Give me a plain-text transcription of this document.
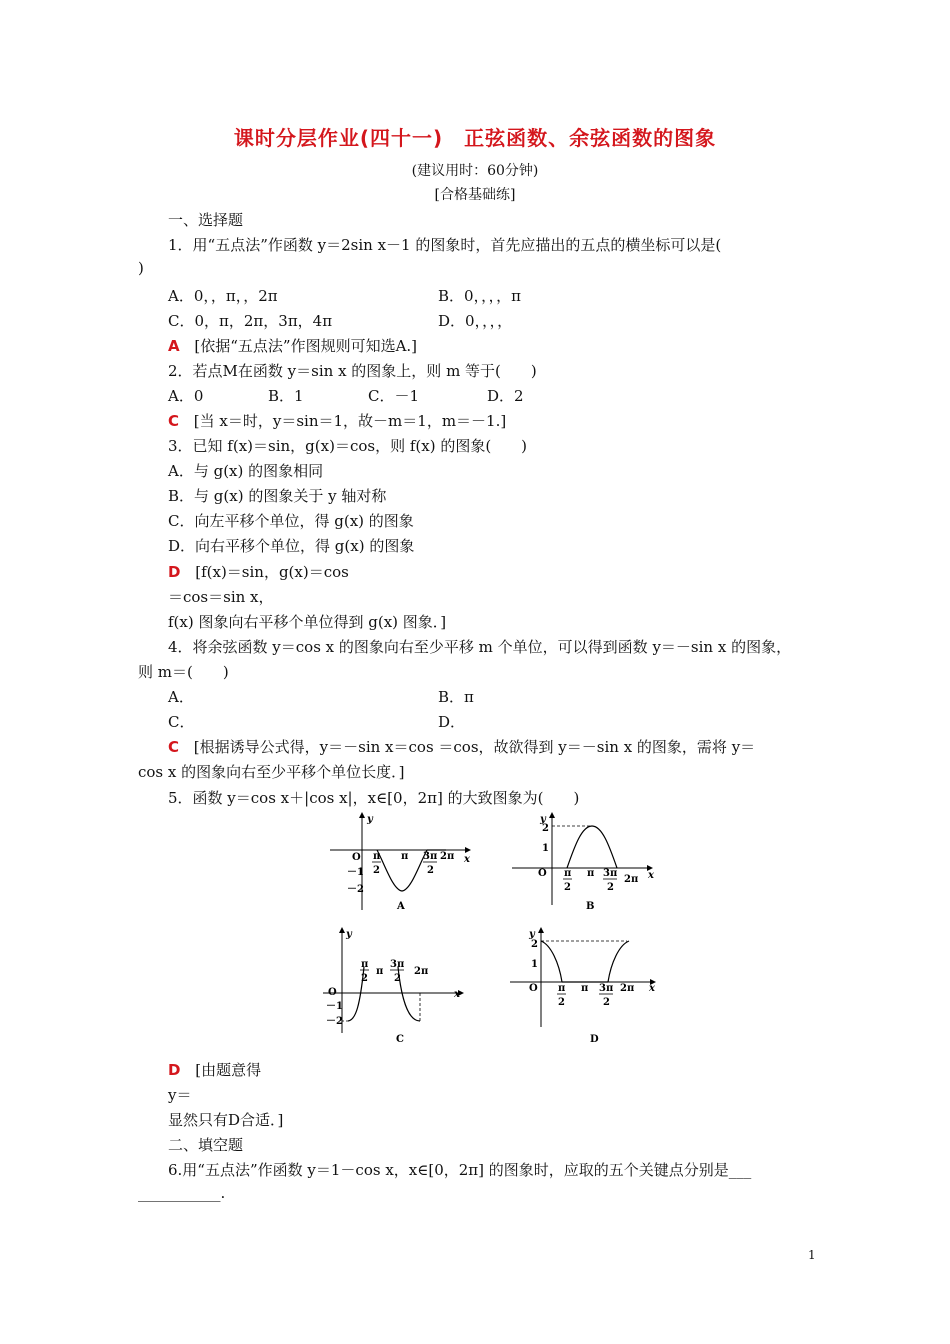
课时分层作业(四十一)　正弦函数、余弦函数的图象
(建议用时：60分钟)
[合格基础练]
一、选择题
1．用“五点法”作函数 y＝2sin x－1 的图象时，首先应描出的五点的横坐标可以是(
)
A．0，，π，，2π	B．0，，，，π
C．0，π，2π，3π，4π	D．0，，，，
A [依据“五点法”作图规则可知选A.]
2．若点M在函数 y＝sin x 的图象上，则 m 等于(　　)
A．0	B．1	C．－1	D．2
C [当 x＝时，y＝sin＝1，故－m＝1，m＝－1.]
3．已知 f(x)＝sin，g(x)＝cos，则 f(x) 的图象(　　)
A．与 g(x) 的图象相同
B．与 g(x) 的图象关于 y 轴对称
C．向左平移个单位，得 g(x) 的图象
D．向右平移个单位，得 g(x) 的图象
D [f(x)＝sin，g(x)＝cos
＝cos＝sin x，
f(x) 图象向右平移个单位得到 g(x) 图象．]
4．将余弦函数 y＝cos x 的图象向右至少平移 m 个单位，可以得到函数 y＝－sin x 的图象，
则 m＝(　　)
A．	B．π
C．	D．
C [根据诱导公式得，y＝－sin x＝cos ＝cos，故欲得到 y＝－sin x 的图象，需将 y＝
cos x 的图象向右至少平移个单位长度．]
5．函数 y＝cos x＋|cos x|，x∈[0，2π] 的大致图象为(　　)
y
x
O π
2
π 3π
2
2π
－1
－2
A
y
x
O
2
1
π
2
π 3π
2
2π
B
y
x
O
－1
－2
π
2
π
3π
2
2π
C
y
x
O
2
1
π
2
π 3π
2
2π
D
D [由题意得
y＝
显然只有D合适．]
二、填空题
6.用“五点法”作函数 y＝1－cos x，x∈[0，2π] 的图象时，应取的五个关键点分别是___
___________.
1
